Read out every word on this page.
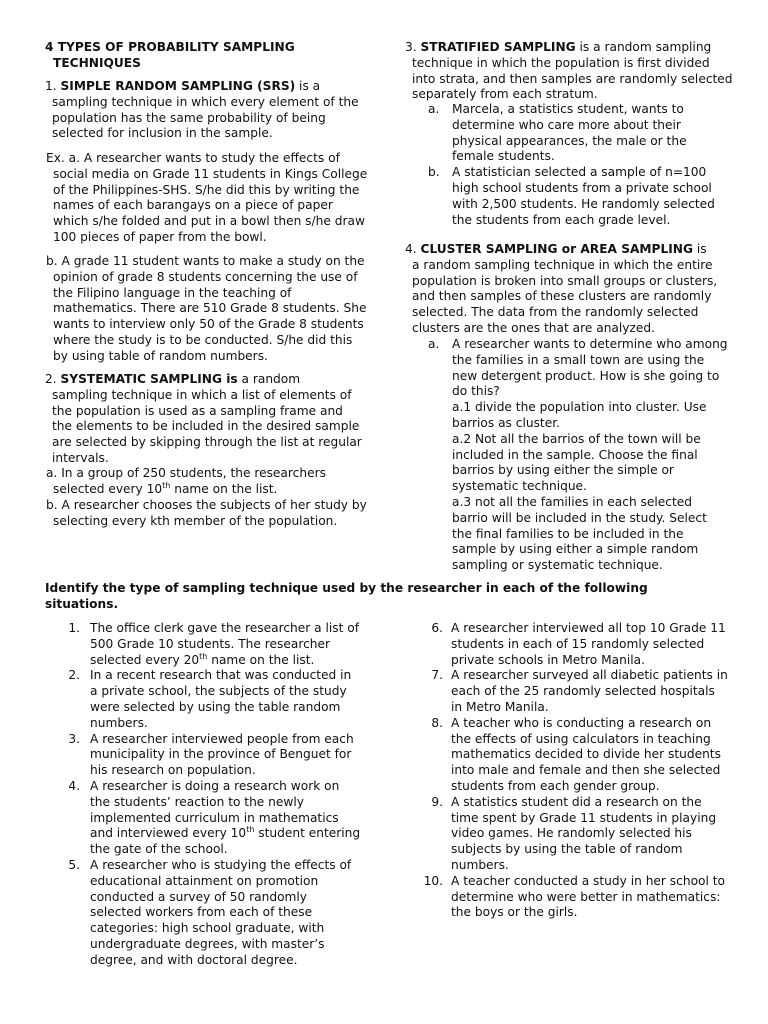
4 TYPES OF PROBABILITY SAMPLING
TECHNIQUES
1. SIMPLE RANDOM SAMPLING (SRS) is a
sampling technique in which every element of the population has the same probability of being selected for inclusion in the sample.
Ex. a. A researcher wants to study the effects of social media on Grade 11 students in Kings College of the Philippines-SHS. S/he did this by writing the names of each barangays on a piece of paper which s/he folded and put in a bowl then s/he draw 100 pieces of paper from the bowl.
b. A grade 11 student wants to make a study on the opinion of grade 8 students concerning the use of the Filipino language in the teaching of mathematics. There are 510 Grade 8 students. She wants to interview only 50 of the Grade 8 students where the study is to be conducted. S/he did this by using table of random numbers.
2. SYSTEMATIC SAMPLING is a random
sampling technique in which a list of elements of the population is used as a sampling frame and the elements to be included in the desired sample are selected by skipping through the list at regular intervals.
a. In a group of 250 students, the researchers selected every 10th name on the list.
b. A researcher chooses the subjects of her study by selecting every kth member of the population.
3. STRATIFIED SAMPLING is a random sampling
technique in which the population is first divided into strata, and then samples are randomly selected separately from each stratum.
a. Marcela, a statistics student, wants to determine who care more about their physical appearances, the male or the female students.
b. A statistician selected a sample of n=100 high school students from a private school with 2,500 students. He randomly selected the students from each grade level.
4. CLUSTER SAMPLING or AREA SAMPLING is
a random sampling technique in which the entire population is broken into small groups or clusters, and then samples of these clusters are randomly selected. The data from the randomly selected clusters are the ones that are analyzed.
a. A researcher wants to determine who among the families in a small town are using the new detergent product. How is she going to do this?
a.1 divide the population into cluster. Use barrios as cluster.
a.2 Not all the barrios of the town will be included in the sample. Choose the final barrios by using either the simple or systematic technique.
a.3 not all the families in each selected barrio will be included in the study. Select the final families to be included in the sample by using either a simple random sampling or systematic technique.
Identify the type of sampling technique used by the researcher in each of the following situations.
1. The office clerk gave the researcher a list of 500 Grade 10 students. The researcher selected every 20th name on the list.
2. In a recent research that was conducted in a private school, the subjects of the study were selected by using the table random numbers.
3. A researcher interviewed people from each municipality in the province of Benguet for his research on population.
4. A researcher is doing a research work on the students’ reaction to the newly implemented curriculum in mathematics and interviewed every 10th student entering the gate of the school.
5. A researcher who is studying the effects of educational attainment on promotion conducted a survey of 50 randomly selected workers from each of these categories: high school graduate, with undergraduate degrees, with master’s degree, and with doctoral degree.
6. A researcher interviewed all top 10 Grade 11 students in each of 15 randomly selected private schools in Metro Manila.
7. A researcher surveyed all diabetic patients in each of the 25 randomly selected hospitals in Metro Manila.
8. A teacher who is conducting a research on the effects of using calculators in teaching mathematics decided to divide her students into male and female and then she selected students from each gender group.
9. A statistics student did a research on the time spent by Grade 11 students in playing video games. He randomly selected his subjects by using the table of random numbers.
10. A teacher conducted a study in her school to determine who were better in mathematics: the boys or the girls.
